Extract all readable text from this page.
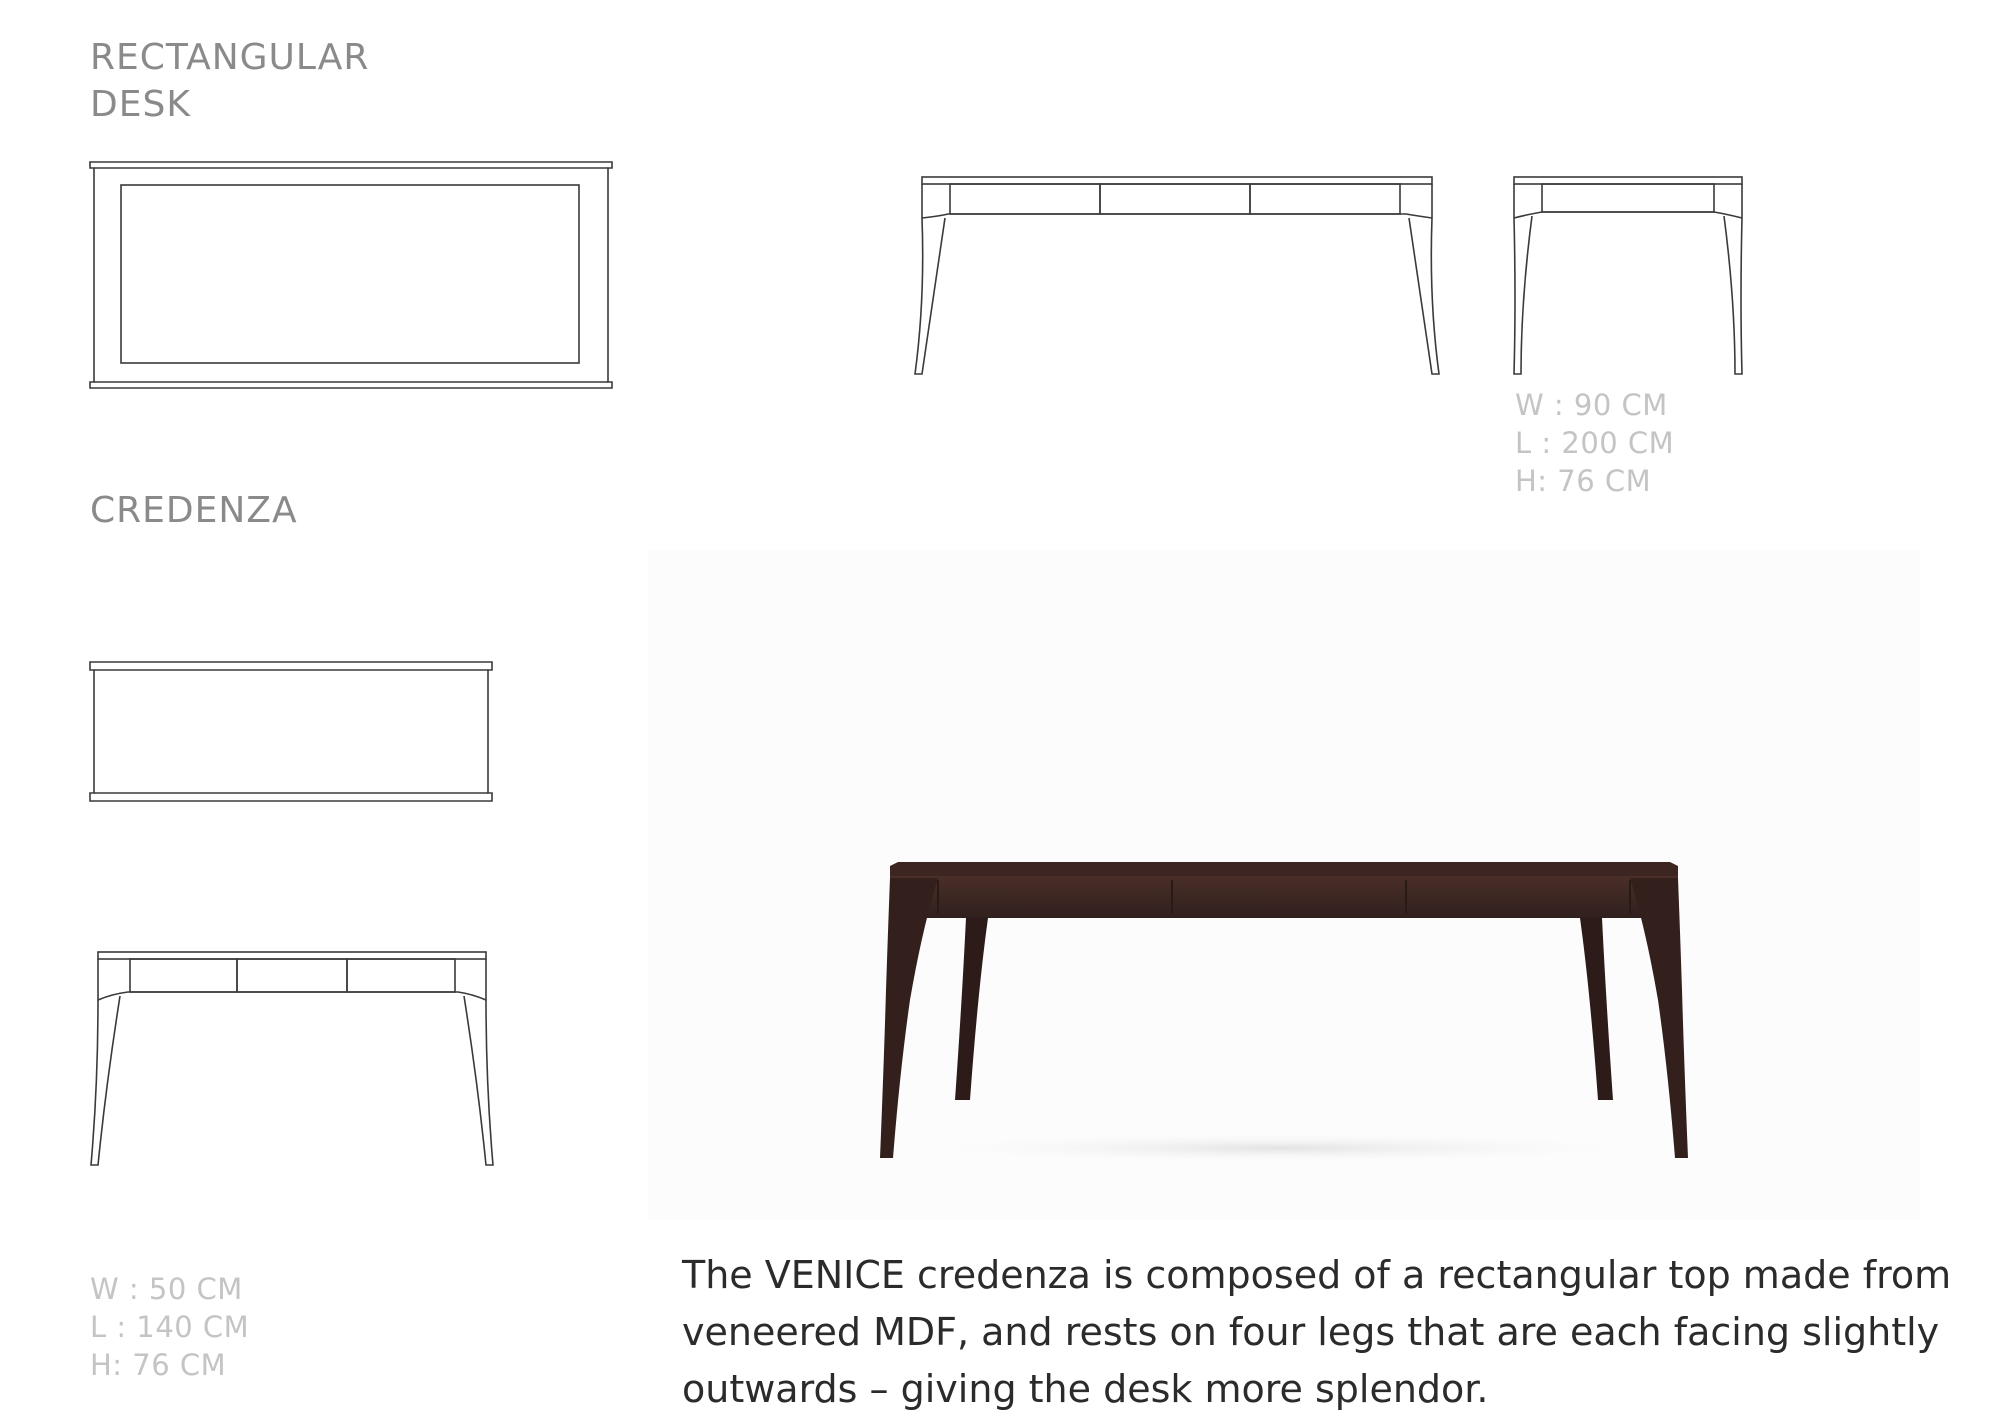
RECTANGULAR
DESK
CREDENZA
W : 90 CM
L : 200 CM
H: 76 CM
W : 50 CM
L : 140 CM
H: 76 CM

The VENICE credenza is composed of a rectangular top made from veneered MDF, and rests on four legs that are each facing slightly outwards – giving the desk more splendor.
